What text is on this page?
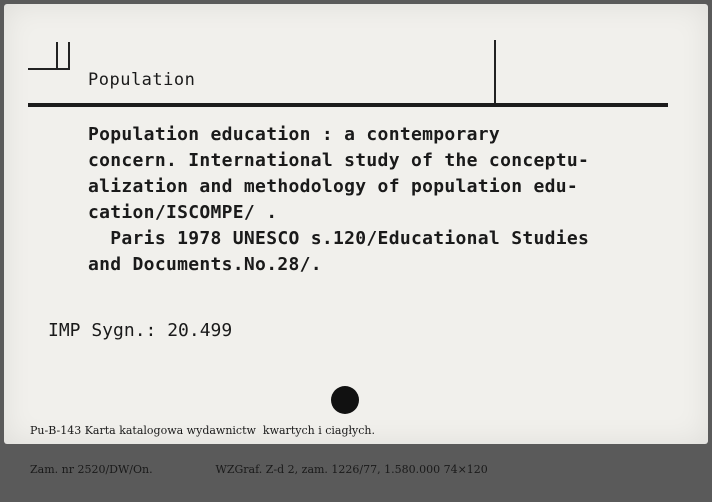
Population
Population education : a contemporary
concern. International study of the conceptu-
alization and methodology of population edu-
cation/ISCOMPE/ .
Paris 1978 UNESCO s.120/Educational Studies
and Documents.No.28/.
IMP Sygn.: 20.499

Pu-B-143 Karta katalogowa wydawnictw  kwartych i ciagłych.

Zam. nr 2520/DW/On.                  WZGraf. Z-d 2, zam. 1226/77, 1.580.000 74×120
